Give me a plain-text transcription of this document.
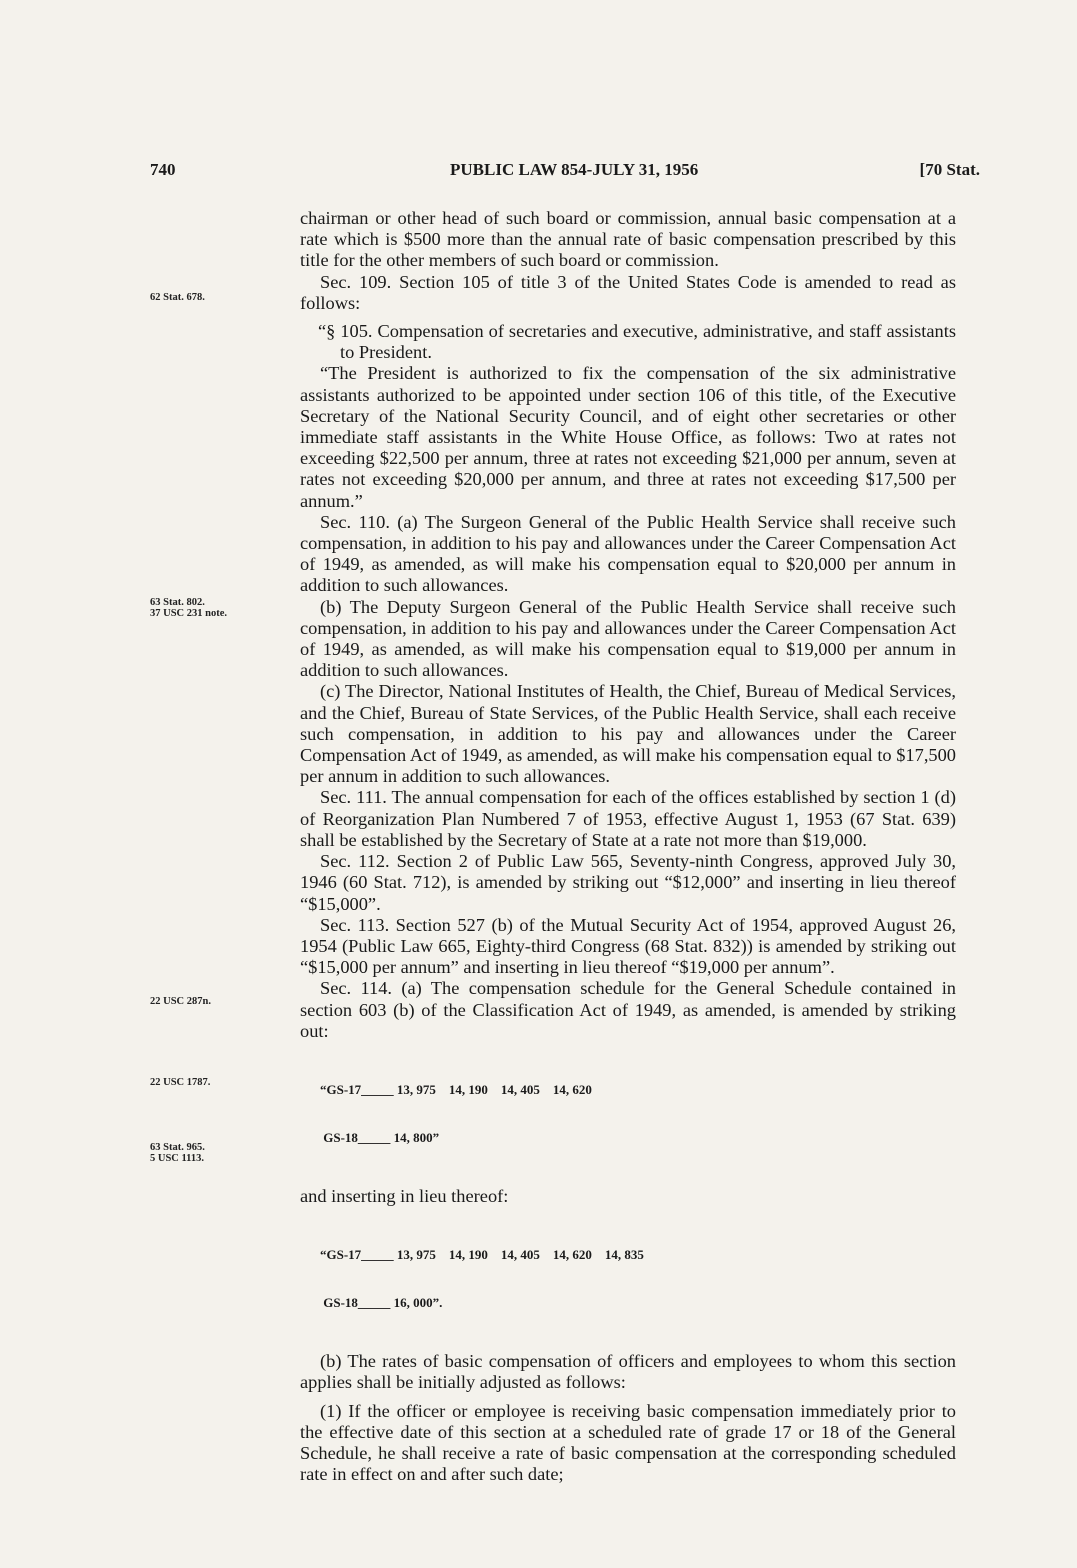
740	PUBLIC LAW 854-JULY 31, 1956	[70 Stat.
62 Stat. 678.
63 Stat. 802.
37 USC 231 note.
22 USC 287n.
22 USC 1787.
63 Stat. 965.
5 USC 1113.

chairman or other head of such board or commission, annual basic compensation at a rate which is $500 more than the annual rate of basic compensation prescribed by this title for the other members of such board or commission.

Sec. 109. Section 105 of title 3 of the United States Code is amended to read as follows:

“§ 105. Compensation of secretaries and executive, administrative, and staff assistants to President.

“The President is authorized to fix the compensation of the six administrative assistants authorized to be appointed under section 106 of this title, of the Executive Secretary of the National Security Council, and of eight other secretaries or other immediate staff assistants in the White House Office, as follows: Two at rates not exceeding $22,500 per annum, three at rates not exceeding $21,000 per annum, seven at rates not exceeding $20,000 per annum, and three at rates not exceeding $17,500 per annum.”

Sec. 110. (a) The Surgeon General of the Public Health Service shall receive such compensation, in addition to his pay and allowances under the Career Compensation Act of 1949, as amended, as will make his compensation equal to $20,000 per annum in addition to such allowances.

(b) The Deputy Surgeon General of the Public Health Service shall receive such compensation, in addition to his pay and allowances under the Career Compensation Act of 1949, as amended, as will make his compensation equal to $19,000 per annum in addition to such allowances.

(c) The Director, National Institutes of Health, the Chief, Bureau of Medical Services, and the Chief, Bureau of State Services, of the Public Health Service, shall each receive such compensation, in addition to his pay and allowances under the Career Compensation Act of 1949, as amended, as will make his compensation equal to $17,500 per annum in addition to such allowances.

Sec. 111. The annual compensation for each of the offices established by section 1 (d) of Reorganization Plan Numbered 7 of 1953, effective August 1, 1953 (67 Stat. 639) shall be established by the Secretary of State at a rate not more than $19,000.

Sec. 112. Section 2 of Public Law 565, Seventy-ninth Congress, approved July 30, 1946 (60 Stat. 712), is amended by striking out “$12,000” and inserting in lieu thereof “$15,000”.

Sec. 113. Section 527 (b) of the Mutual Security Act of 1954, approved August 26, 1954 (Public Law 665, Eighty-third Congress (68 Stat. 832)) is amended by striking out “$15,000 per annum” and inserting in lieu thereof “$19,000 per annum”.

Sec. 114. (a) The compensation schedule for the General Schedule contained in section 603 (b) of the Classification Act of 1949, as amended, is amended by striking out:

“GS-17_____ 13, 975    14, 190    14, 405    14, 620

GS-18_____ 14, 800”

and inserting in lieu thereof:

“GS-17_____ 13, 975    14, 190    14, 405    14, 620    14, 835

GS-18_____ 16, 000”.

(b) The rates of basic compensation of officers and employees to whom this section applies shall be initially adjusted as follows:

(1) If the officer or employee is receiving basic compensation immediately prior to the effective date of this section at a scheduled rate of grade 17 or 18 of the General Schedule, he shall receive a rate of basic compensation at the corresponding scheduled rate in effect on and after such date;
